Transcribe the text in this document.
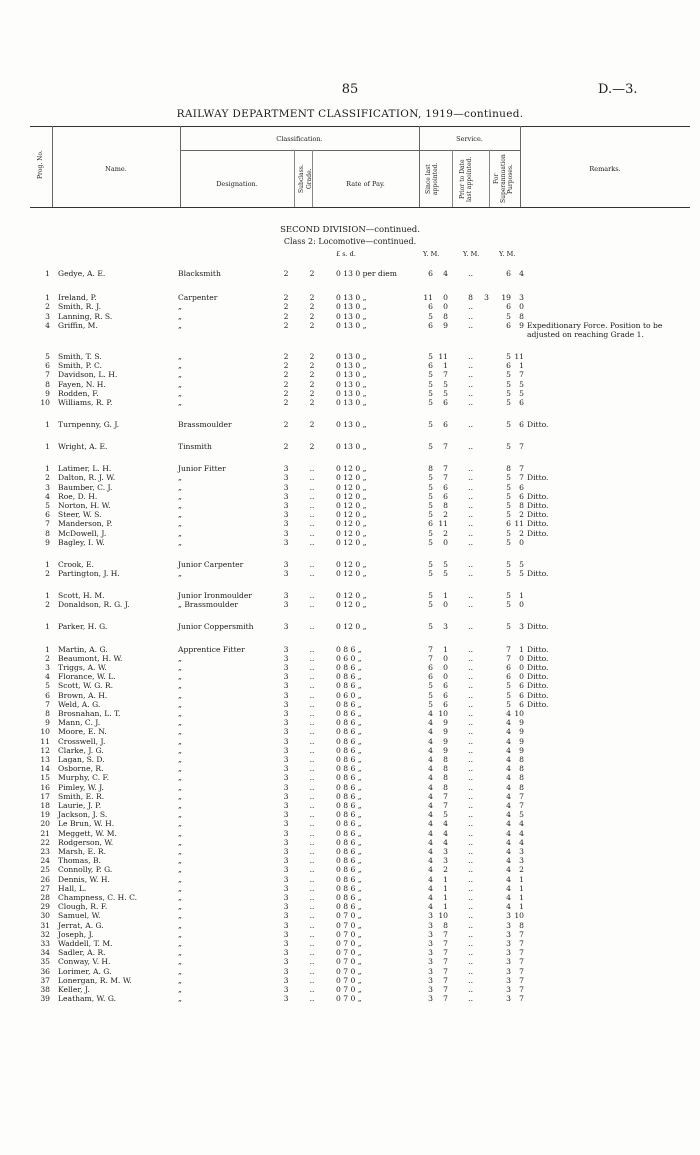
85	D.—3.
RAILWAY DEPARTMENT CLASSIFICATION, 1919—continued.
Prog. No.	Name.
Classification.
Designation.	Subclass. Grade.	Rate of Pay.
Service.
Since last appointed.	Prior to Date last appointed.	For Superannuation Purposes.	Remarks.
SECOND DIVISION—continued.
Class 2: Locomotive—continued.
£ s. d.	Y. M.	Y. M.	Y. M.
1 Gedye, A. E.	Blacksmith	2	2	0 13 0 per diem	6	4	..	6	4
1 Ireland, P.	Carpenter	2	2	0 13 0 „	11	0	8	3	19	3
2 Smith, R. J.	„	2	2	0 13 0 „	6	0	..	6	0
3 Lanning, R. S.	„	2	2	0 13 0 „	5	8	..	5	8
4 Griffin, M.	„	2	2	0 13 0 „	6	9	..	6	9 Expeditionary Force. Position to be adjusted on reaching Grade 1.
5 Smith, T. S.	„	2	2	0 13 0 „	5 11	..	5 11
6 Smith, P. C.	„	2	2	0 13 0 „	6	1	..	6	1
7 Davidson, L. H.	„	2	2	0 13 0 „	5	7	..	5	7
8 Fayen, N. H.	„	2	2	0 13 0 „	5	5	..	5	5
9 Rodden, F.	„	2	2	0 13 0 „	5	5	..	5	5
10 Williams, R. P.	„	2	2	0 13 0 „	5	6	..	5	6
1 Turnpenny, G. J.	Brassmoulder	2	2	0 13 0 „	5	6	..	5	6 Ditto.
1 Wright, A. E.	Tinsmith	2	2	0 13 0 „	5	7	..	5	7
1 Latimer, L. H.	Junior Fitter	3	..	0 12 0 „	8	7	..	8	7
2 Dalton, R. J. W.	„	3	..	0 12 0 „	5	7	..	5	7 Ditto.
3 Baumber, C. J.	„	3	..	0 12 0 „	5	6	..	5	6
4 Roe, D. H.	„	3	..	0 12 0 „	5	6	..	5	6 Ditto.
5 Norton, H. W.	„	3	..	0 12 0 „	5	8	..	5	8 Ditto.
6 Steer, W. S.	„	3	..	0 12 0 „	5	2	..	5	2 Ditto.
7 Manderson, P.	„	3	..	0 12 0 „	6 11	..	6 11 Ditto.
8 McDowell, J.	„	3	..	0 12 0 „	5	2	..	5	2 Ditto.
9 Bagley, I. W.	„	3	..	0 12 0 „	5	0	..	5	0
1 Crook, E.	Junior Carpenter	3	..	0 12 0 „	5	5	..	5	5
2 Partington, J. H.	„	3	..	0 12 0 „	5	5	..	5	5 Ditto.
1 Scott, H. M.	Junior Ironmoulder	3	..	0 12 0 „	5	1	..	5	1
2 Donaldson, R. G. J.	„ Brassmoulder	3	..	0 12 0 „	5	0	..	5	0
1 Parker, H. G.	Junior Coppersmith	3	..	0 12 0 „	5	3	..	5	3 Ditto.
1 Martin, A. G.	Apprentice Fitter	3	..	0 8 6 „	7	1	..	7	1 Ditto.
2 Beaumont, H. W.	„	3	..	0 6 0 „	7	0	..	7	0 Ditto.
3 Triggs, A. W.	„	3	..	0 8 6 „	6	0	..	6	0 Ditto.
4 Florance, W. L.	„	3	..	0 8 6 „	6	0	..	6	0 Ditto.
5 Scott, W. G. R.	„	3	..	0 8 6 „	5	6	..	5	6 Ditto.
6 Brown, A. H.	„	3	..	0 6 0 „	5	6	..	5	6 Ditto.
7 Weld, A. G.	„	3	..	0 8 6 „	5	6	..	5	6 Ditto.
8 Brosnahan, L. T.	„	3	..	0 8 6 „	4 10	..	4 10
9 Mann, C. J.	„	3	..	0 8 6 „	4	9	..	4	9
10 Moore, E. N.	„	3	..	0 8 6 „	4	9	..	4	9
11 Crosswell, J.	„	3	..	0 8 6 „	4	9	..	4	9
12 Clarke, J. G.	„	3	..	0 8 6 „	4	9	..	4	9
13 Lagan, S. D.	„	3	..	0 8 6 „	4	8	..	4	8
14 Osborne, R.	„	3	..	0 8 6 „	4	8	..	4	8
15 Murphy, C. F.	„	3	..	0 8 6 „	4	8	..	4	8
16 Pimley, W. J.	„	3	..	0 8 6 „	4	8	..	4	8
17 Smith, E. R.	„	3	..	0 8 6 „	4	7	..	4	7
18 Laurie, J. P.	„	3	..	0 8 6 „	4	7	..	4	7
19 Jackson, J. S.	„	3	..	0 8 6 „	4	5	..	4	5
20 Le Brun, W. H.	„	3	..	0 8 6 „	4	4	..	4	4
21 Meggett, W. M.	„	3	..	0 8 6 „	4	4	..	4	4
22 Rodgerson, W.	„	3	..	0 8 6 „	4	4	..	4	4
23 Marsh, E. R.	„	3	..	0 8 6 „	4	3	..	4	3
24 Thomas, B.	„	3	..	0 8 6 „	4	3	..	4	3
25 Connolly, P. G.	„	3	..	0 8 6 „	4	2	..	4	2
26 Dennis, W. H.	„	3	..	0 8 6 „	4	1	..	4	1
27 Hall, L.	„	3	..	0 8 6 „	4	1	..	4	1
28 Champness, C. H. C.	„	3	..	0 8 6 „	4	1	..	4	1
29 Clough, R. F.	„	3	..	0 8 6 „	4	1	..	4	1
30 Samuel, W.	„	3	..	0 7 0 „	3 10	..	3 10
31 Jerrat, A. G.	„	3	..	0 7 0 „	3	8	..	3	8
32 Joseph, J.	„	3	..	0 7 0 „	3	7	..	3	7
33 Waddell, T. M.	„	3	..	0 7 0 „	3	7	..	3	7
34 Sadler, A. R.	„	3	..	0 7 0 „	3	7	..	3	7
35 Conway, V. H.	„	3	..	0 7 0 „	3	7	..	3	7
36 Lorimer, A. G.	„	3	..	0 7 0 „	3	7	..	3	7
37 Lonergan, R. M. W.	„	3	..	0 7 0 „	3	7	..	3	7
38 Keller, J.	„	3	..	0 7 0 „	3	7	..	3	7
39 Leatham, W. G.	„	3	..	0 7 0 „	3	7	..	3	7
